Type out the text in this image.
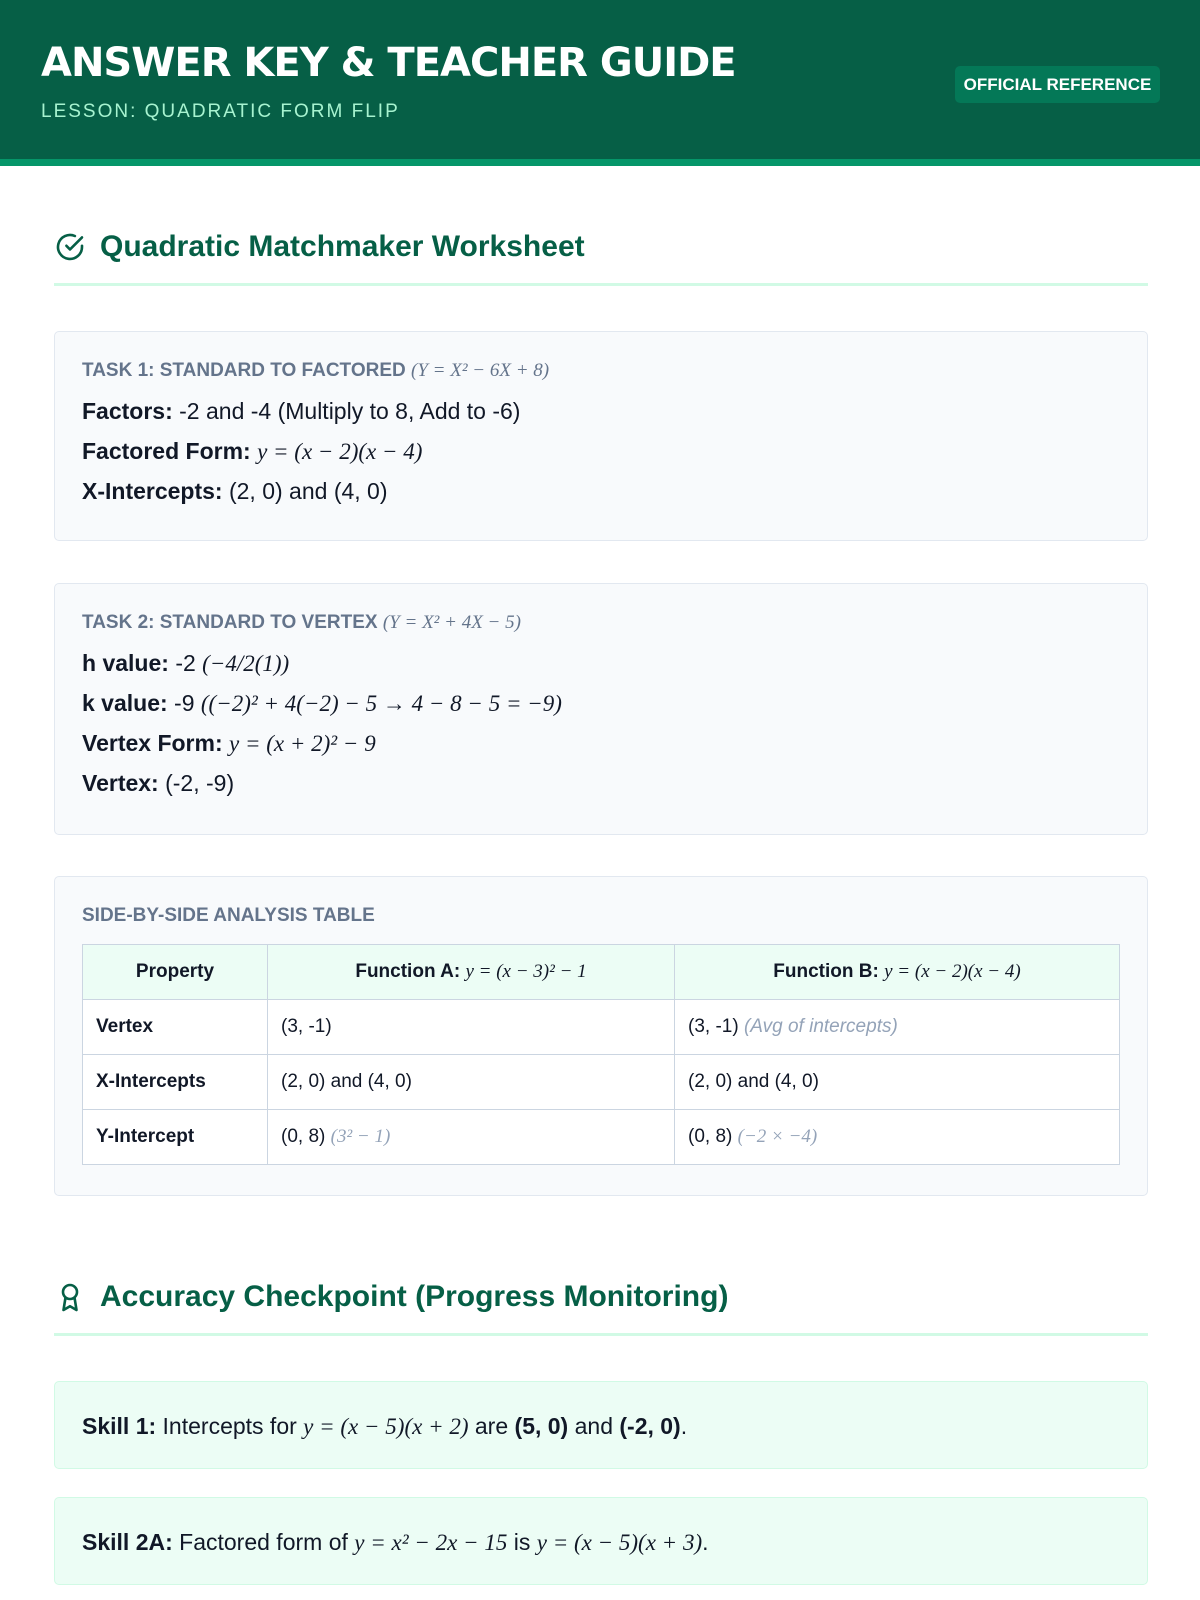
ANSWER KEY & TEACHER GUIDE
LESSON: QUADRATIC FORM FLIP
OFFICIAL REFERENCE
Quadratic Matchmaker Worksheet

TASK 1: STANDARD TO FACTORED (Y = X² − 6X + 8)

Factors: -2 and -4 (Multiply to 8, Add to -6)

Factored Form: y = (x − 2)(x − 4)

X-Intercepts: (2, 0) and (4, 0)

TASK 2: STANDARD TO VERTEX (Y = X² + 4X − 5)

h value: -2 (−4/2(1))

k value: -9 ((−2)² + 4(−2) − 5 → 4 − 8 − 5 = −9)

Vertex Form: y = (x + 2)² − 9

Vertex: (-2, -9)

SIDE-BY-SIDE ANALYSIS TABLE

Property	Function A: y = (x − 3)² − 1	Function B: y = (x − 2)(x − 4)
Vertex	(3, -1)	(3, -1) (Avg of intercepts)
X-Intercepts	(2, 0) and (4, 0)	(2, 0) and (4, 0)
Y-Intercept	(0, 8) (3² − 1)	(0, 8) (−2 × −4)
Accuracy Checkpoint (Progress Monitoring)
Skill 1: Intercepts for y = (x − 5)(x + 2) are (5, 0) and (-2, 0).
Skill 2A: Factored form of y = x² − 2x − 15 is y = (x − 5)(x + 3).
